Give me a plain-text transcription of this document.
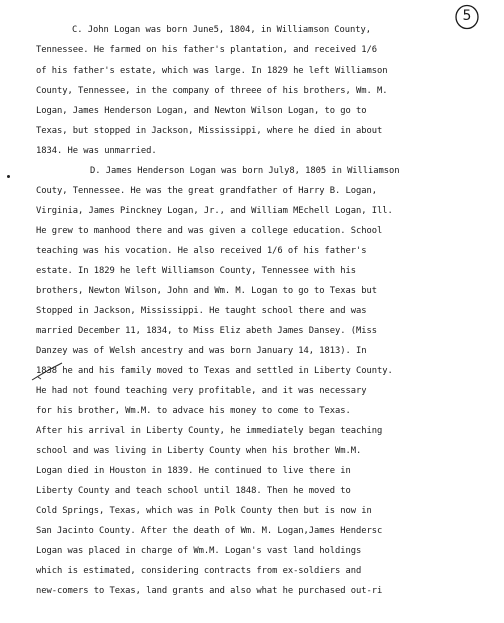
5
C. John Logan was born June5, 1804, in Williamson County,
Tennessee. He farmed on his father's plantation, and received 1/6
of his father's estate, which was large. In 1829 he left Williamson
County, Tennessee, in the company of threee of his brothers, Wm. M.
Logan, James Henderson Logan, and Newton Wilson Logan, to go to
Texas, but stopped in Jackson, Mississippi, where he died in about
1834. He was unmarried.
D. James Henderson Logan was born July8, 1805 in Williamson
Couty, Tennessee. He was the great grandfather of Harry B. Logan,
Virginia, James Pinckney Logan, Jr., and William MEchell Logan, Ill.
He grew to manhood there and was given a college education. School
teaching was his vocation. He also received 1/6 of his father's
estate. In 1829 he left Williamson County, Tennessee with his
brothers, Newton Wilson, John and Wm. M. Logan to go to Texas but
Stopped in Jackson, Mississippi. He taught school there and was
married December 11, 1834, to Miss Eliz abeth James Dansey. (Miss
Danzey was of Welsh ancestry and was born January 14, 1813). In
1838 he and his family moved to Texas and settled in Liberty County.
He had not found teaching very profitable, and it was necessary
for his brother, Wm.M. to advace his money to come to Texas.
After his arrival in Liberty County, he immediately began teaching
school and was living in Liberty County when his brother Wm.M.
Logan died in Houston in 1839. He continued to live there in
Liberty County and teach school until 1848. Then he moved to
Cold Springs, Texas, which was in Polk County then but is now in
San Jacinto County. After the death of Wm. M. Logan,James Hendersc
Logan was placed in charge of Wm.M. Logan's vast land holdings
which is estimated, considering contracts from ex-soldiers and
new-comers to Texas, land grants and also what he purchased out-ri
